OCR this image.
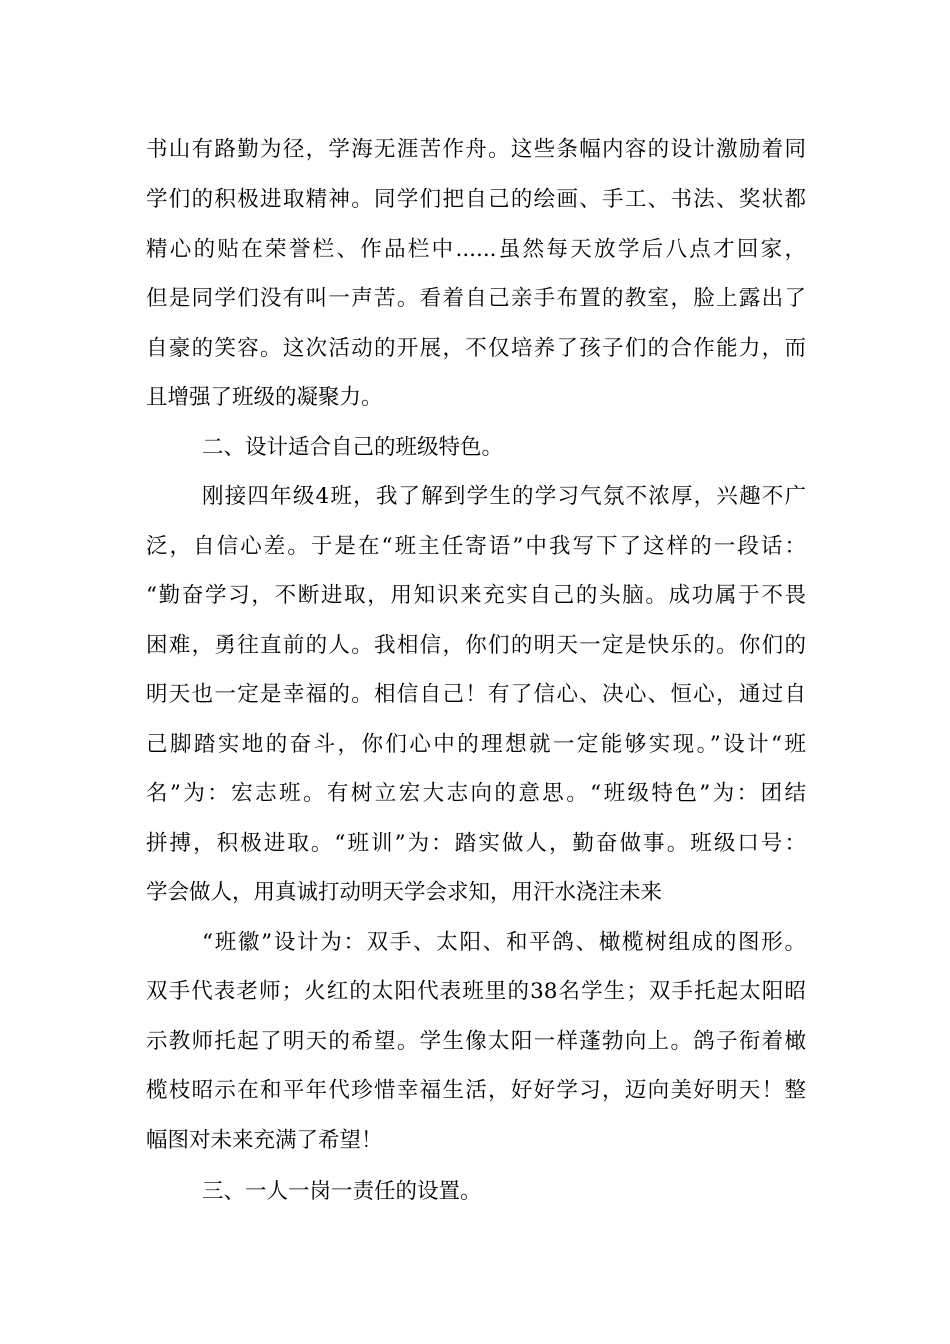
书山有路勤为径，学海无涯苦作舟。这些条幅内容的设计激励着同
学们的积极进取精神。同学们把自己的绘画、手工、书法、奖状都
精心的贴在荣誉栏、作品栏中......虽然每天放学后八点才回家，
但是同学们没有叫一声苦。看着自己亲手布置的教室，脸上露出了
自豪的笑容。这次活动的开展，不仅培养了孩子们的合作能力，而
且增强了班级的凝聚力。
二、设计适合自己的班级特色。
刚接四年级4班，我了解到学生的学习气氛不浓厚，兴趣不广
泛，自信心差。于是在“班主任寄语”中我写下了这样的一段话：
“勤奋学习，不断进取，用知识来充实自己的头脑。成功属于不畏
困难，勇往直前的人。我相信，你们的明天一定是快乐的。你们的
明天也一定是幸福的。相信自己！有了信心、决心、恒心，通过自
己脚踏实地的奋斗，你们心中的理想就一定能够实现。”设计“班
名”为：宏志班。有树立宏大志向的意思。“班级特色”为：团结
拼搏，积极进取。“班训”为：踏实做人，勤奋做事。班级口号：
学会做人，用真诚打动明天学会求知，用汗水浇注未来
“班徽”设计为：双手、太阳、和平鸽、橄榄树组成的图形。
双手代表老师；火红的太阳代表班里的38名学生；双手托起太阳昭
示教师托起了明天的希望。学生像太阳一样蓬勃向上。鸽子衔着橄
榄枝昭示在和平年代珍惜幸福生活，好好学习，迈向美好明天！整
幅图对未来充满了希望！
三、一人一岗一责任的设置。
